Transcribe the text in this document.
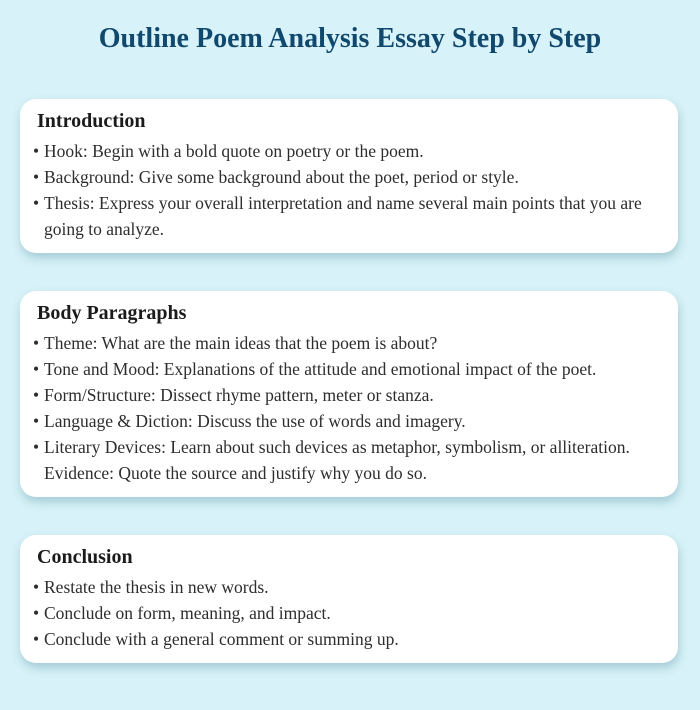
Outline Poem Analysis Essay Step by Step
Introduction
• Hook: Begin with a bold quote on poetry or the poem.
• Background: Give some background about the poet, period or style.
• Thesis: Express your overall interpretation and name several main points that you are going to analyze.
Body Paragraphs
• Theme: What are the main ideas that the poem is about?
• Tone and Mood: Explanations of the attitude and emotional impact of the poet.
• Form/Structure: Dissect rhyme pattern, meter or stanza.
• Language & Diction: Discuss the use of words and imagery.
• Literary Devices: Learn about such devices as metaphor, symbolism, or alliteration. Evidence: Quote the source and justify why you do so.
Conclusion
• Restate the thesis in new words.
• Conclude on form, meaning, and impact.
• Conclude with a general comment or summing up.
